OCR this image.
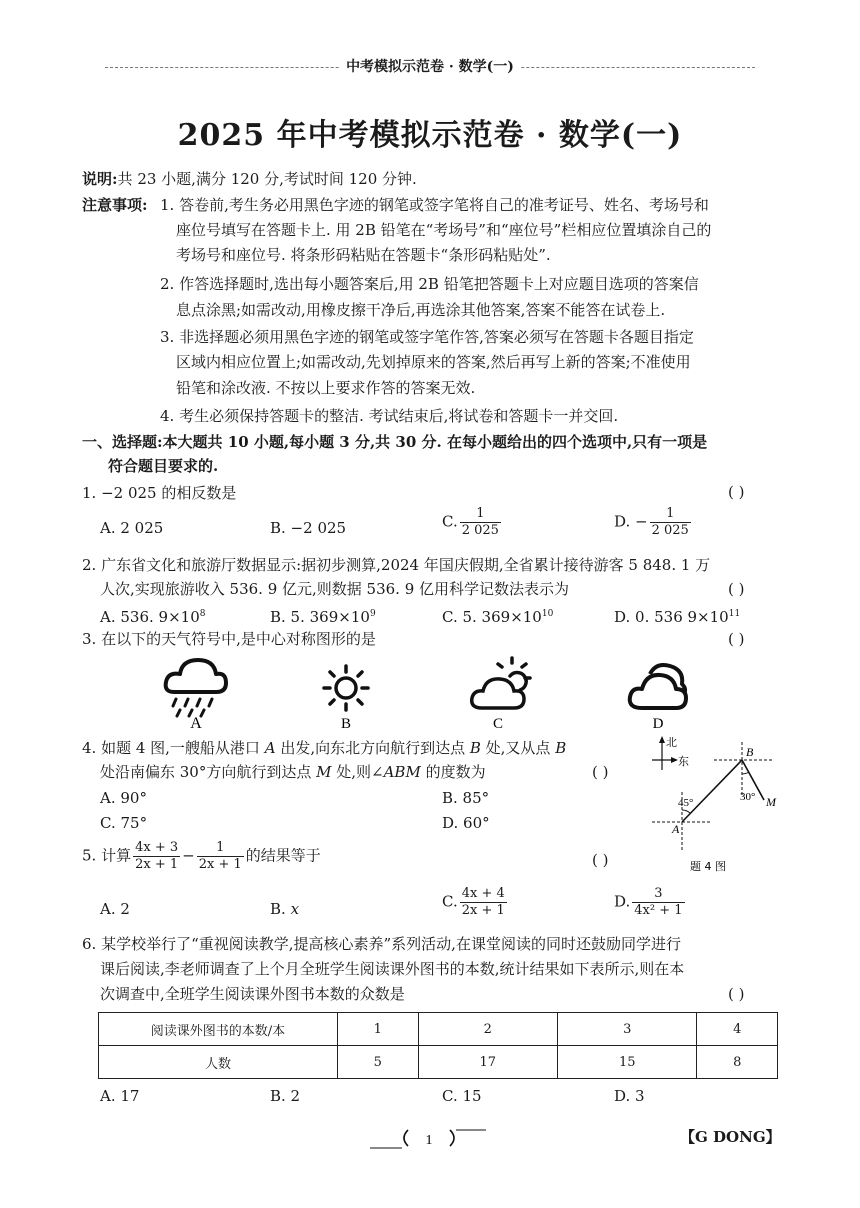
中考模拟示范卷 · 数学(一)
2025 年中考模拟示范卷 · 数学(一)
说明:共 23 小题,满分 120 分,考试时间 120 分钟.
注意事项: 1. 答卷前,考生务必用黑色字迹的钢笔或签字笔将自己的准考证号、姓名、考场号和
座位号填写在答题卡上. 用 2B 铅笔在“考场号”和“座位号”栏相应位置填涂自己的
考场号和座位号. 将条形码粘贴在答题卡“条形码粘贴处”.
2. 作答选择题时,选出每小题答案后,用 2B 铅笔把答题卡上对应题目选项的答案信
息点涂黑;如需改动,用橡皮擦干净后,再选涂其他答案,答案不能答在试卷上.
3. 非选择题必须用黑色字迹的钢笔或签字笔作答,答案必须写在答题卡各题目指定
区域内相应位置上;如需改动,先划掉原来的答案,然后再写上新的答案;不准使用
铅笔和涂改液. 不按以上要求作答的答案无效.
4. 考生必须保持答题卡的整洁. 考试结束后,将试卷和答题卡一并交回.
一、选择题:本大题共 10 小题,每小题 3 分,共 30 分. 在每小题给出的四个选项中,只有一项是
符合题目要求的.
1. −2 025 的相反数是	( )
A. 2 025	B. −2 025	C. $\frac{1}{2 025}$	D. − $\frac{1}{2 025}$
2. 广东省文化和旅游厅数据显示:据初步测算,2024 年国庆假期,全省累计接待游客 5 848. 1 万
人次,实现旅游收入 536. 9 亿元,则数据 536. 9 亿用科学记数法表示为	( )
A. 536. $9\times 10^8$	B. 5. $369\times 10^9$	C. 5. $369\times 10^{10}$	D. 0. 536 $9\times 10^{11}$
3. 在以下的天气符号中,是中心对称图形的是	( )
A	B	C	D
4. 如题 4 图,一艘船从港口 A 出发,向东北方向航行到达点 B 处,又从点 B
处沿南偏东 30°方向航行到达点 M 处,则∠ABM 的度数为	( )
A. 90°	B. 85°
C. 75°	D. 60°
北
东
45°	30°
A
B
M
题 4 图
5. 计算 $\frac{4x + 3}{2x + 1} - \frac{1}{2x + 1}$ 的结果等于	( )
A. 2	B. x	C. $\frac{4x + 4}{2x + 1}$	D. $\frac{3}{\text{4x² + 1}}$
6. 某学校举行了“重视阅读教学,提高核心素养”系列活动,在课堂阅读的同时还鼓励同学进行
课后阅读,李老师调查了上个月全班学生阅读课外图书的本数,统计结果如下表所示,则在本
次调查中,全班学生阅读课外图书本数的众数是	( )
阅读课外图书的本数/本	1	2	3	4
人数	5	17	15	8
A. 17	B. 2	C. 15	D. 3
1	【G DONG】
